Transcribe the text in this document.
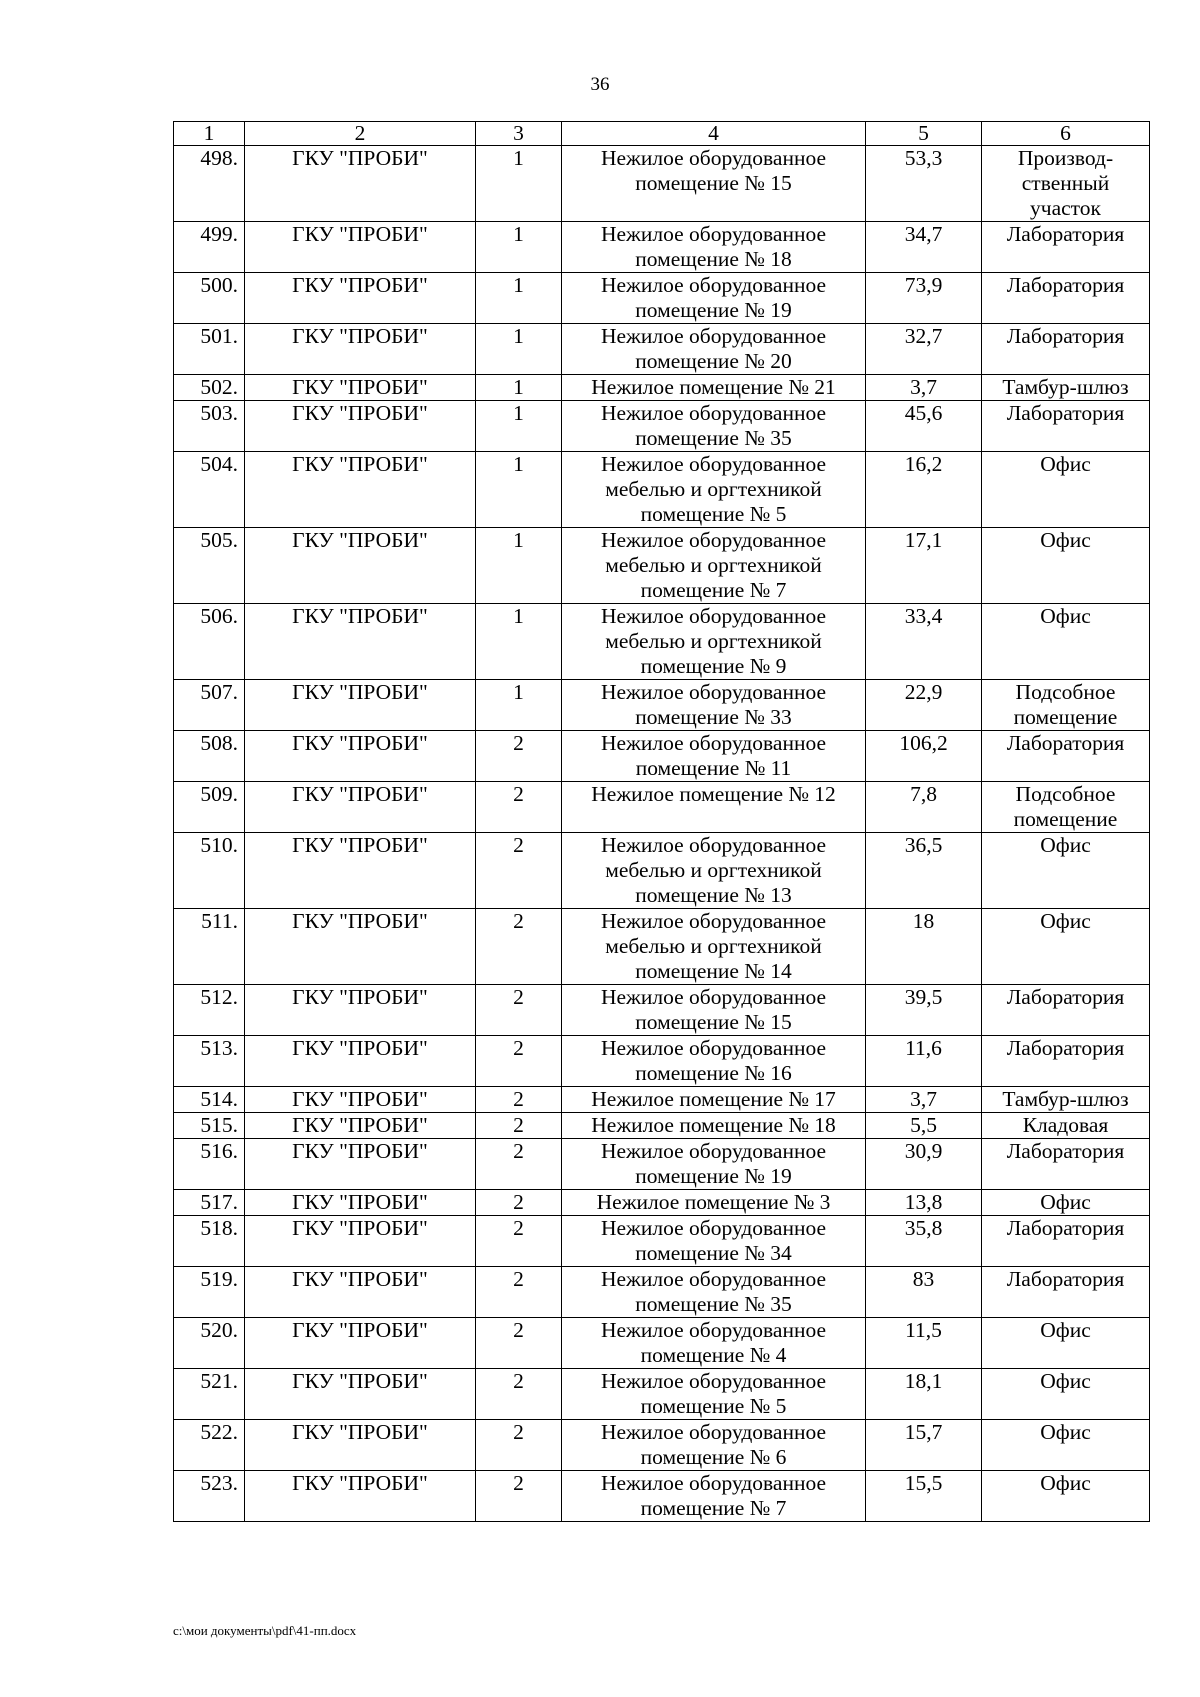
36
1	2	3	4	5	6
498.	ГКУ "ПРОБИ"	1	Нежилое оборудованное помещение № 15	53,3	Производ-ственный участок
499.	ГКУ "ПРОБИ"	1	Нежилое оборудованное помещение № 18	34,7	Лаборатория
500.	ГКУ "ПРОБИ"	1	Нежилое оборудованное помещение № 19	73,9	Лаборатория
501.	ГКУ "ПРОБИ"	1	Нежилое оборудованное помещение № 20	32,7	Лаборатория
502.	ГКУ "ПРОБИ"	1	Нежилое помещение № 21	3,7	Тамбур-шлюз
503.	ГКУ "ПРОБИ"	1	Нежилое оборудованное помещение № 35	45,6	Лаборатория
504.	ГКУ "ПРОБИ"	1	Нежилое оборудованное мебелью и оргтехникой помещение № 5	16,2	Офис
505.	ГКУ "ПРОБИ"	1	Нежилое оборудованное мебелью и оргтехникой помещение № 7	17,1	Офис
506.	ГКУ "ПРОБИ"	1	Нежилое оборудованное мебелью и оргтехникой помещение № 9	33,4	Офис
507.	ГКУ "ПРОБИ"	1	Нежилое оборудованное помещение № 33	22,9	Подсобное помещение
508.	ГКУ "ПРОБИ"	2	Нежилое оборудованное помещение № 11	106,2	Лаборатория
509.	ГКУ "ПРОБИ"	2	Нежилое помещение № 12	7,8	Подсобное помещение
510.	ГКУ "ПРОБИ"	2	Нежилое оборудованное мебелью и оргтехникой помещение № 13	36,5	Офис
511.	ГКУ "ПРОБИ"	2	Нежилое оборудованное мебелью и оргтехникой помещение № 14	18	Офис
512.	ГКУ "ПРОБИ"	2	Нежилое оборудованное помещение № 15	39,5	Лаборатория
513.	ГКУ "ПРОБИ"	2	Нежилое оборудованное помещение № 16	11,6	Лаборатория
514.	ГКУ "ПРОБИ"	2	Нежилое помещение № 17	3,7	Тамбур-шлюз
515.	ГКУ "ПРОБИ"	2	Нежилое помещение № 18	5,5	Кладовая
516.	ГКУ "ПРОБИ"	2	Нежилое оборудованное помещение № 19	30,9	Лаборатория
517.	ГКУ "ПРОБИ"	2	Нежилое помещение № 3	13,8	Офис
518.	ГКУ "ПРОБИ"	2	Нежилое оборудованное помещение № 34	35,8	Лаборатория
519.	ГКУ "ПРОБИ"	2	Нежилое оборудованное помещение № 35	83	Лаборатория
520.	ГКУ "ПРОБИ"	2	Нежилое оборудованное помещение № 4	11,5	Офис
521.	ГКУ "ПРОБИ"	2	Нежилое оборудованное помещение № 5	18,1	Офис
522.	ГКУ "ПРОБИ"	2	Нежилое оборудованное помещение № 6	15,7	Офис
523.	ГКУ "ПРОБИ"	2	Нежилое оборудованное помещение № 7	15,5	Офис
c:\мои документы\pdf\41-пп.docx
